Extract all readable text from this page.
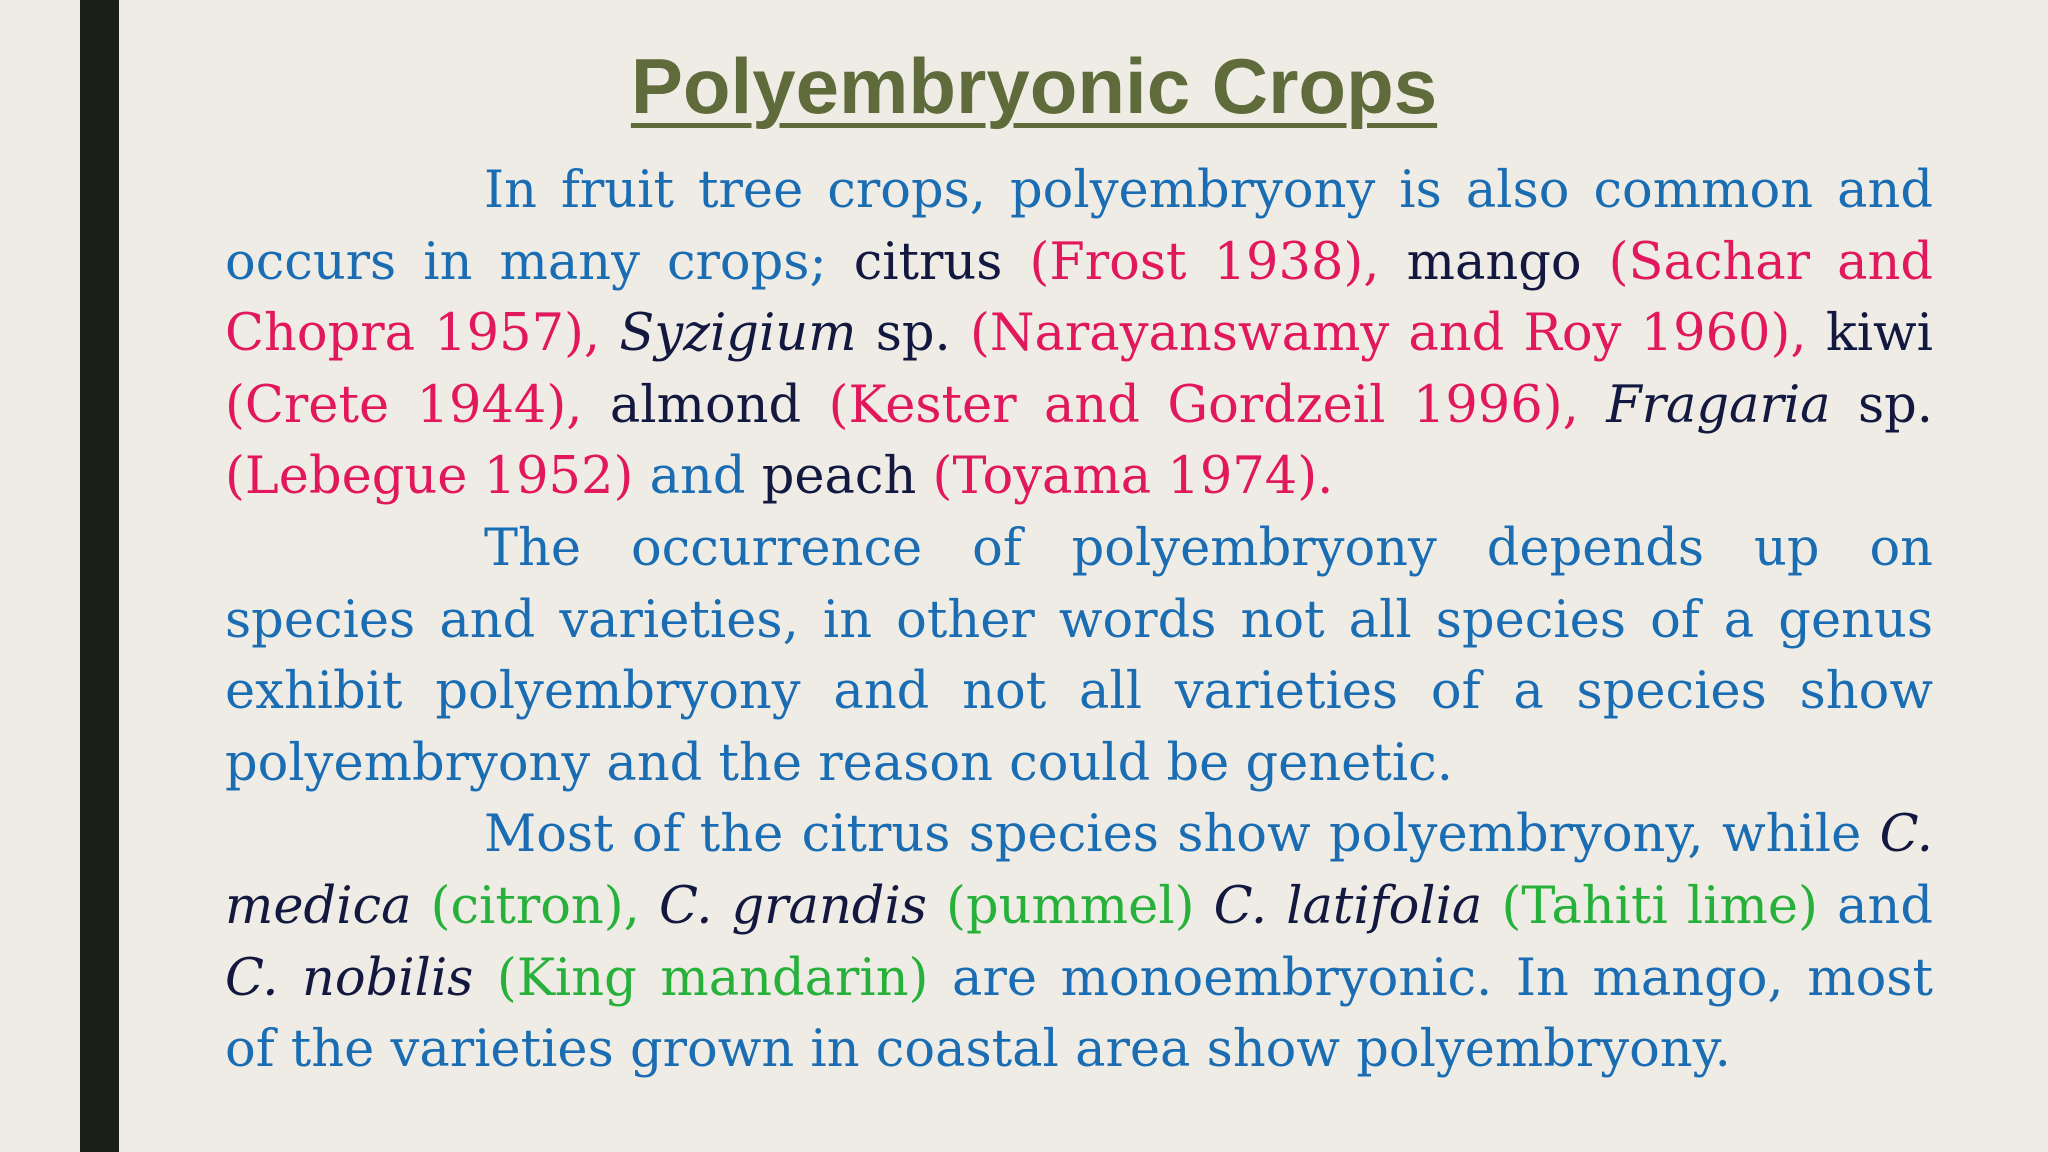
Polyembryonic Crops

In fruit tree crops, polyembryony is also common and occurs in many crops; citrus (Frost 1938), mango (Sachar and Chopra 1957), Syzigium sp. (Narayanswamy and Roy 1960), kiwi (Crete 1944), almond (Kester and Gordzeil 1996), Fragaria sp. (Lebegue 1952) and peach (Toyama 1974).

The occurrence of polyembryony depends up on species and varieties, in other words not all species of a genus exhibit polyembryony and not all varieties of a species show polyembryony and the reason could be genetic.

Most of the citrus species show polyembryony, while C. medica (citron), C. grandis (pummel) C. latifolia (Tahiti lime) and C. nobilis (King mandarin) are monoembryonic. In mango, most of the varieties grown in coastal area show polyembryony.
